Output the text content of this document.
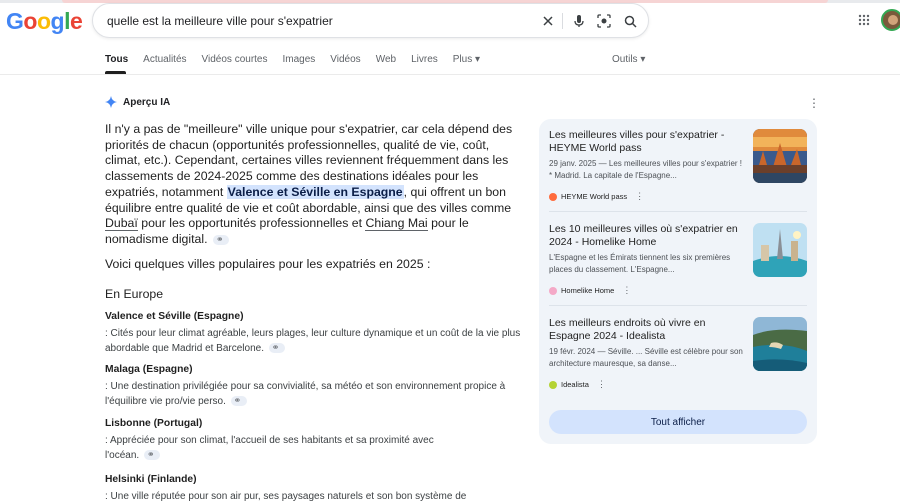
Google quelle est la meilleure ville pour s'expatrier
Tous Actualités Vidéos courtes Images Vidéos Web Livres Plus ▾	Outils ▾
Aperçu IA	⋮
Il n'y a pas de "meilleure" ville unique pour s'expatrier, car cela dépend des priorités de chacun (opportunités professionnelles, qualité de vie, coût, climat, etc.). Cependant, certaines villes reviennent fréquemment dans les classements de 2024-2025 comme des destinations idéales pour les expatriés, notamment Valence et Séville en Espagne, qui offrent un bon équilibre entre qualité de vie et coût abordable, ainsi que des villes comme Dubaï pour les opportunités professionnelles et Chiang Mai pour le nomadisme digital. ⚭
Voici quelques villes populaires pour les expatriés en 2025 :
En Europe
Valence et Séville (Espagne)
: Cités pour leur climat agréable, leurs plages, leur culture dynamique et un coût de la vie plus abordable que Madrid et Barcelone. ⚭
Malaga (Espagne)
: Une destination privilégiée pour sa convivialité, sa météo et son environnement propice à l'équilibre vie pro/vie perso. ⚭
Lisbonne (Portugal)
: Appréciée pour son climat, l'accueil de ses habitants et sa proximité avec l'océan. ⚭
Helsinki (Finlande)
: Une ville réputée pour son air pur, ses paysages naturels et son bon système de
Les meilleures villes pour s'expatrier - HEYME World pass
29 janv. 2025 — Les meilleures villes pour s'expatrier ! * Madrid. La capitale de l'Espagne...
HEYME World pass ⋮
Les 10 meilleures villes où s'expatrier en 2024 - Homelike Home
L'Espagne et les Émirats tiennent les six premières places du classement. L'Espagne...
Homelike Home ⋮
Les meilleurs endroits où vivre en Espagne 2024 - Idealista
19 févr. 2024 — Séville. ... Séville est célèbre pour son architecture mauresque, sa danse...
Idealista ⋮
Tout afficher
